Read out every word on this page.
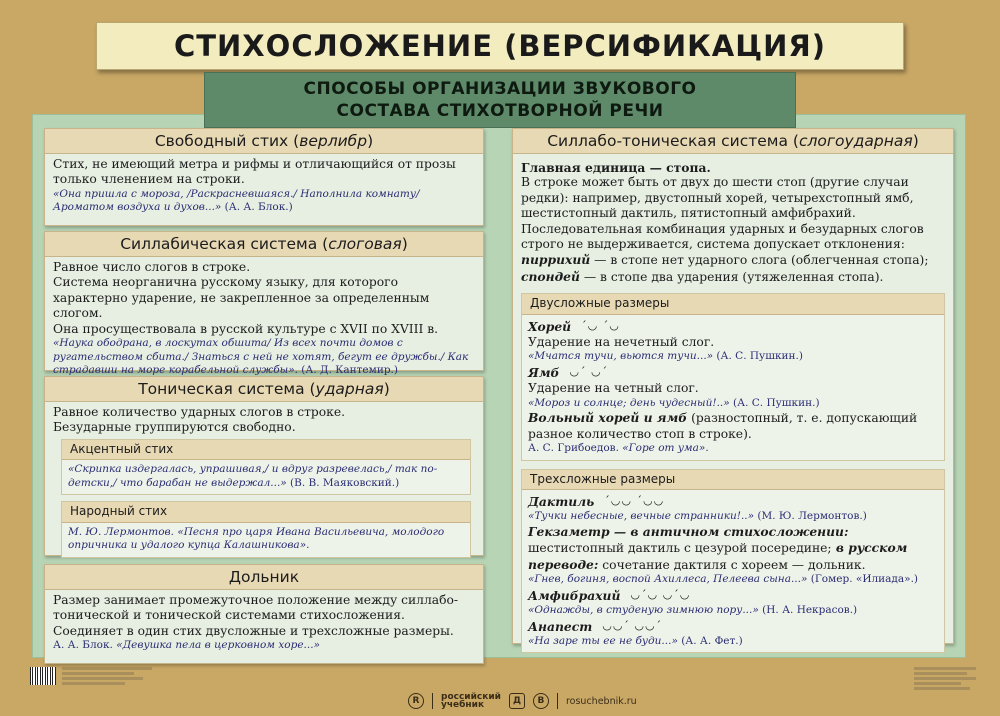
СТИХОСЛОЖЕНИЕ (ВЕРСИФИКАЦИЯ)
СПОСОБЫ ОРГАНИЗАЦИИ ЗВУКОВОГО
СОСТАВА СТИХОТВОРНОЙ РЕЧИ
Свободный стих (верлибр)
Стих, не имеющий метра и рифмы и отличающийся от прозы только членением на строки.
«Она пришла с мороза, /Раскрасневшаяся./ Наполнила комнату/ Ароматом воздуха и духов...» (А. А. Блок.)
Силлабическая система (слоговая)
Равное число слогов в строке.
Система неорганична русскому языку, для которого характерно ударение, не закрепленное за определенным слогом.
Она просуществовала в русской культуре с XVII по XVIII в.
«Наука ободрана, в лоскутах обшита/ Из всех почти домов с ругательством сбита./ Знаться с ней не хотят, бегут ее дружбы./ Как страдавши на море корабельной службы». (А. Д. Кантемир.)
Тоническая система (ударная)
Равное количество ударных слогов в строке.
Безударные группируются свободно.
Акцентный стих
«Скрипка издергалась, упрашивая,/ и вдруг разревелась,/ так по-детски,/ что барабан не выдержал...» (В. В. Маяковский.)
Народный стих
М. Ю. Лермонтов. «Песня про царя Ивана Васильевича, молодого опричника и удалого купца Калашникова».
Дольник
Размер занимает промежуточное положение между силлабо-тонической и тонической системами стихосложения. Соединяет в один стих двусложные и трехсложные размеры.
А. А. Блок. «Девушка пела в церковном хоре...»
Силлабо-тоническая система (слогоударная)
Главная единица — стопа.
В строке может быть от двух до шести стоп (другие случаи редки): например, двустопный хорей, четырехстопный ямб, шестистопный дактиль, пятистопный амфибрахий.
Последовательная комбинация ударных и безударных слогов строго не выдерживается, система допускает отклонения:
пиррихий — в стопе нет ударного слога (облегченная стопа);
спондей — в стопе два ударения (утяжеленная стопа).
Двусложные размеры
Хорей ´◡ ´◡
Ударение на нечетный слог.
«Мчатся тучи, вьются тучи...» (А. С. Пушкин.)
Ямб ◡´ ◡´
Ударение на четный слог.
«Мороз и солнце; день чудесный!..» (А. С. Пушкин.)
Вольный хорей и ямб (разностопный, т. е. допускающий разное количество стоп в строке).
А. С. Грибоедов. «Горе от ума».
Трехсложные размеры
Дактиль ´◡◡ ´◡◡
«Тучки небесные, вечные странники!..» (М. Ю. Лермонтов.)
Гекзаметр — в античном стихосложении: шестистопный дактиль с цезурой посередине; в русском переводе: сочетание дактиля с хореем — дольник.
«Гнев, богиня, воспой Ахиллеса, Пелеева сына...» (Гомер. «Илиада».)
Амфибрахий ◡´◡ ◡´◡
«Однажды, в студеную зимнюю пору...» (Н. А. Некрасов.)
Анапест ◡◡´ ◡◡´
«На заре ты ее не буди...» (А. А. Фет.)
R	российский
учебник	Д	В	rosuchebnik.ru
